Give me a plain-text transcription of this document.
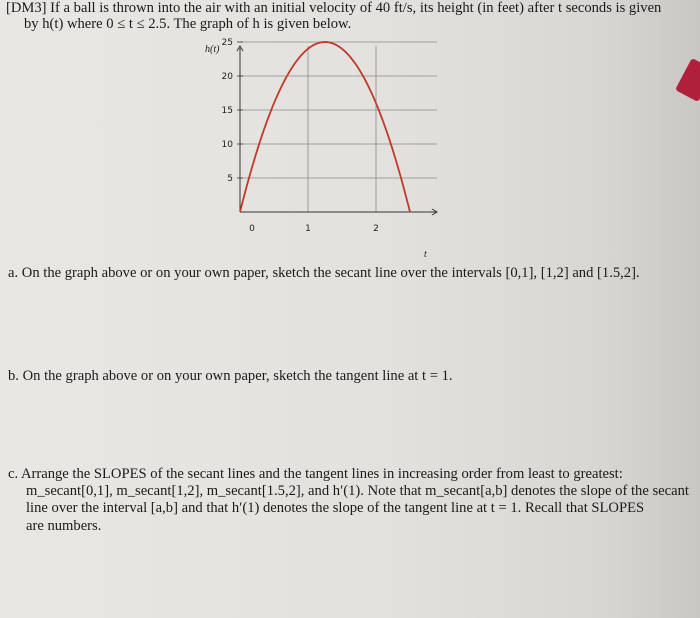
[DM3] If a ball is thrown into the air with an initial velocity of 40 ft/s, its height (in feet) after t seconds is given
by h(t) where 0 ≤ t ≤ 2.5. The graph of h is given below.
5
10
15
20
25
0	1	2
h(t)
t
a. On the graph above or on your own paper, sketch the secant line over the intervals [0,1], [1,2] and [1.5,2].
b. On the graph above or on your own paper, sketch the tangent line at t = 1.
c. Arrange the SLOPES of the secant lines and the tangent lines in increasing order from least to greatest:
m_secant[0,1], m_secant[1,2], m_secant[1.5,2], and h′(1). Note that m_secant[a,b] denotes the slope of the secant
line over the interval [a,b] and that h′(1) denotes the slope of the tangent line at t = 1. Recall that SLOPES
are numbers.
